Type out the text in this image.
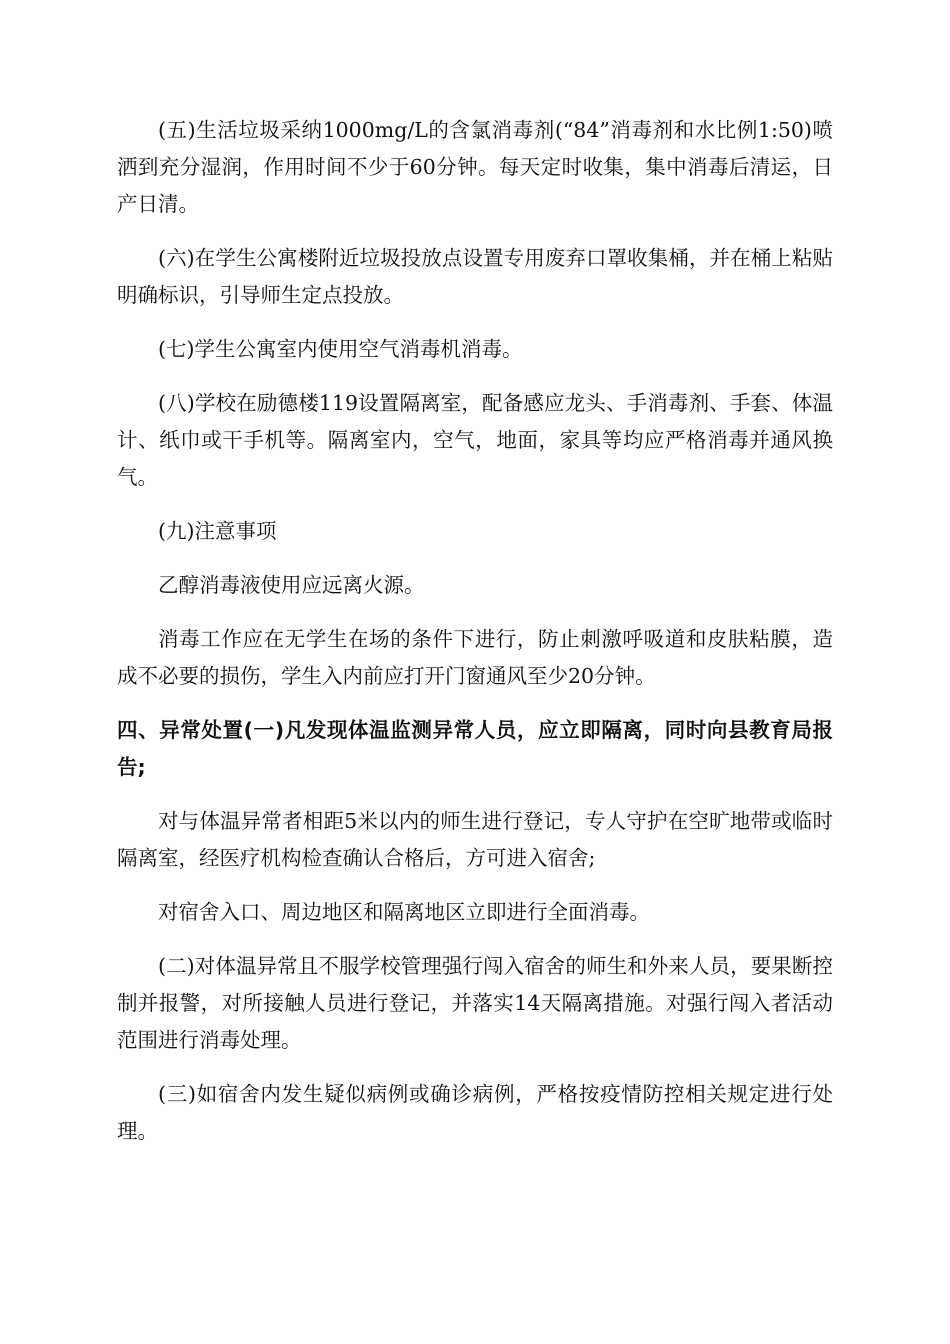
(五)生活垃圾采纳1000mg/L的含氯消毒剂(“84”消毒剂和水比例1:50)喷洒到充分湿润，作用时间不少于60分钟。每天定时收集，集中消毒后清运，日产日清。

(六)在学生公寓楼附近垃圾投放点设置专用废弃口罩收集桶，并在桶上粘贴明确标识，引导师生定点投放。

(七)学生公寓室内使用空气消毒机消毒。

(八)学校在励德楼119设置隔离室，配备感应龙头、手消毒剂、手套、体温计、纸巾或干手机等。隔离室内，空气，地面，家具等均应严格消毒并通风换气。

(九)注意事项

乙醇消毒液使用应远离火源。

消毒工作应在无学生在场的条件下进行，防止刺激呼吸道和皮肤粘膜，造成不必要的损伤，学生入内前应打开门窗通风至少20分钟。

四、异常处置(一)凡发现体温监测异常人员，应立即隔离，同时向县教育局报告;

对与体温异常者相距5米以内的师生进行登记，专人守护在空旷地带或临时隔离室，经医疗机构检查确认合格后，方可进入宿舍;

对宿舍入口、周边地区和隔离地区立即进行全面消毒。

(二)对体温异常且不服学校管理强行闯入宿舍的师生和外来人员，要果断控制并报警，对所接触人员进行登记，并落实14天隔离措施。对强行闯入者活动范围进行消毒处理。

(三)如宿舍内发生疑似病例或确诊病例，严格按疫情防控相关规定进行处理。
